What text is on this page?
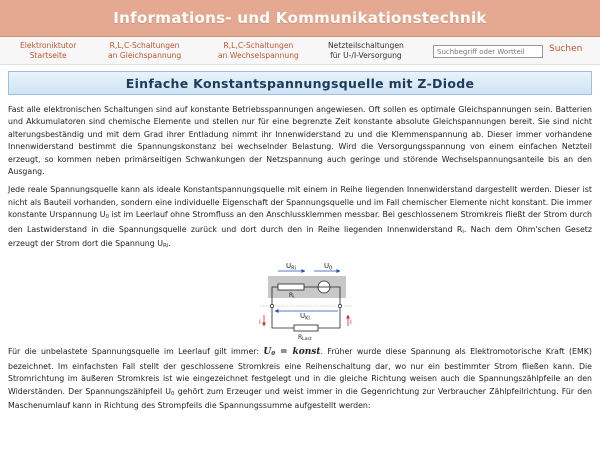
Informations- und Kommunikationstechnik
Elektroniktutor
Startseite
R,L,C-Schaltungen
an Gleichspannung
R,L,C-Schaltungen
an Wechselspannung
Netzteilschaltungen
für U-/I-Versorgung
Suchbegriff oder Wortteil
Suchen
Einfache Konstantspannungsquelle mit Z-Diode

Fast alle elektronischen Schaltungen sind auf konstante Betriebsspannungen angewiesen. Oft sollen es optimale Gleichspannungen sein. Batterien und Akkumulatoren sind chemische Elemente und stellen nur für eine begrenzte Zeit konstante absolute Gleichspannungen bereit. Sie sind nicht alterungsbeständig und mit dem Grad ihrer Entladung nimmt ihr Innenwiderstand zu und die Klemmenspannung ab. Dieser immer vorhandene Innenwiderstand bestimmt die Spannungskonstanz bei wechselnder Belastung. Wird die Versorgungsspannung von einem einfachen Netzteil erzeugt, so kommen neben primärseitigen Schwankungen der Netzspannung auch geringe und störende Wechselspannungsanteile bis an den Ausgang.

Jede reale Spannungsquelle kann als ideale Konstantspannungsquelle mit einem in Reihe liegenden Innenwiderstand dargestellt werden. Dieser ist nicht als Bauteil vorhanden, sondern eine individuelle Eigenschaft der Spannungsquelle und im Fall chemischer Elemente nicht konstant. Die immer konstante Urspannung U0 ist im Leerlauf ohne Stromfluss an den Anschlussklemmen messbar. Bei geschlossenem Stromkreis fließt der Strom durch den Lastwiderstand in die Spannungsquelle zurück und dort durch den in Reihe liegenden Innenwiderstand Ri. Nach dem Ohm'schen Gesetz erzeugt der Strom dort die Spannung URi.

$U_{Ri}$	$U_0$
Ri
$U_{Kl}$
I	I
RLast

Für die unbelastete Spannungsquelle im Leerlauf gilt immer: U0 = konst. Früher wurde diese Spannung als Elektromotorische Kraft (EMK) bezeichnet. Im einfachsten Fall stellt der geschlossene Stromkreis eine Reihenschaltung dar, wo nur ein bestimmter Strom fließen kann. Die Stromrichtung im äußeren Stromkreis ist wie eingezeichnet festgelegt und in die gleiche Richtung weisen auch die Spannungszählpfeile an den Widerständen. Der Spannungszählpfeil U0 gehört zum Erzeuger und weist immer in die Gegenrichtung zur Verbraucher Zählpfeilrichtung. Für den Maschenumlauf kann in Richtung des Strompfeils die Spannungssumme aufgestellt werden:
